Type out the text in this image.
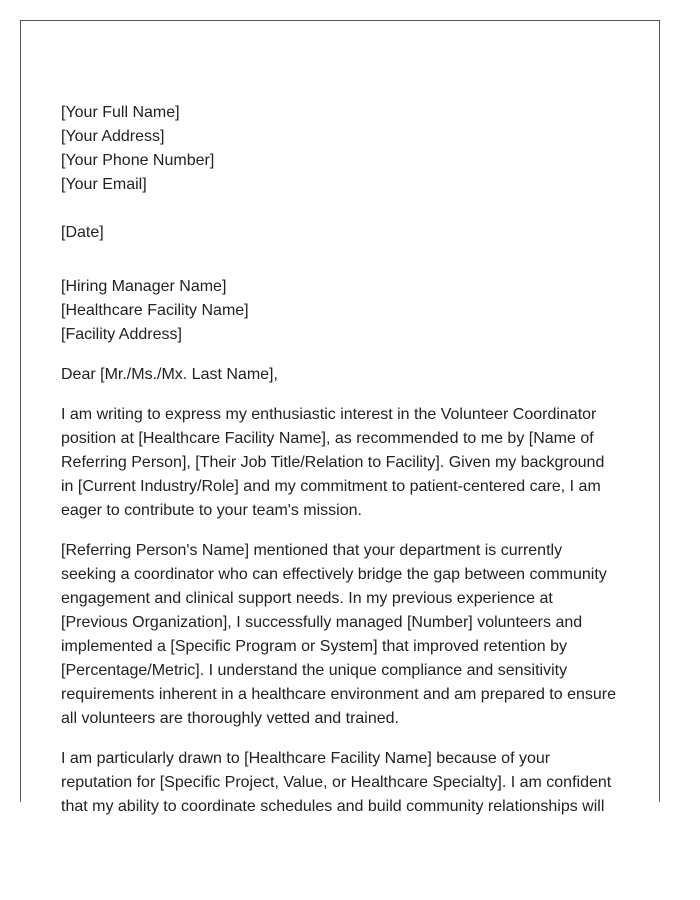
[Your Full Name]

[Your Address]

[Your Phone Number]

[Your Email]

[Date]

[Hiring Manager Name]

[Healthcare Facility Name]

[Facility Address]

Dear [Mr./Ms./Mx. Last Name],

I am writing to express my enthusiastic interest in the Volunteer Coordinator position at [Healthcare Facility Name], as recommended to me by [Name of Referring Person], [Their Job Title/Relation to Facility]. Given my background in [Current Industry/Role] and my commitment to patient-centered care, I am eager to contribute to your team's mission.

[Referring Person's Name] mentioned that your department is currently seeking a coordinator who can effectively bridge the gap between community engagement and clinical support needs. In my previous experience at [Previous Organization], I successfully managed [Number] volunteers and implemented a [Specific Program or System] that improved retention by [Percentage/Metric]. I understand the unique compliance and sensitivity requirements inherent in a healthcare environment and am prepared to ensure all volunteers are thoroughly vetted and trained.

I am particularly drawn to [Healthcare Facility Name] because of your reputation for [Specific Project, Value, or Healthcare Specialty]. I am confident that my ability to coordinate schedules and build community relationships will
